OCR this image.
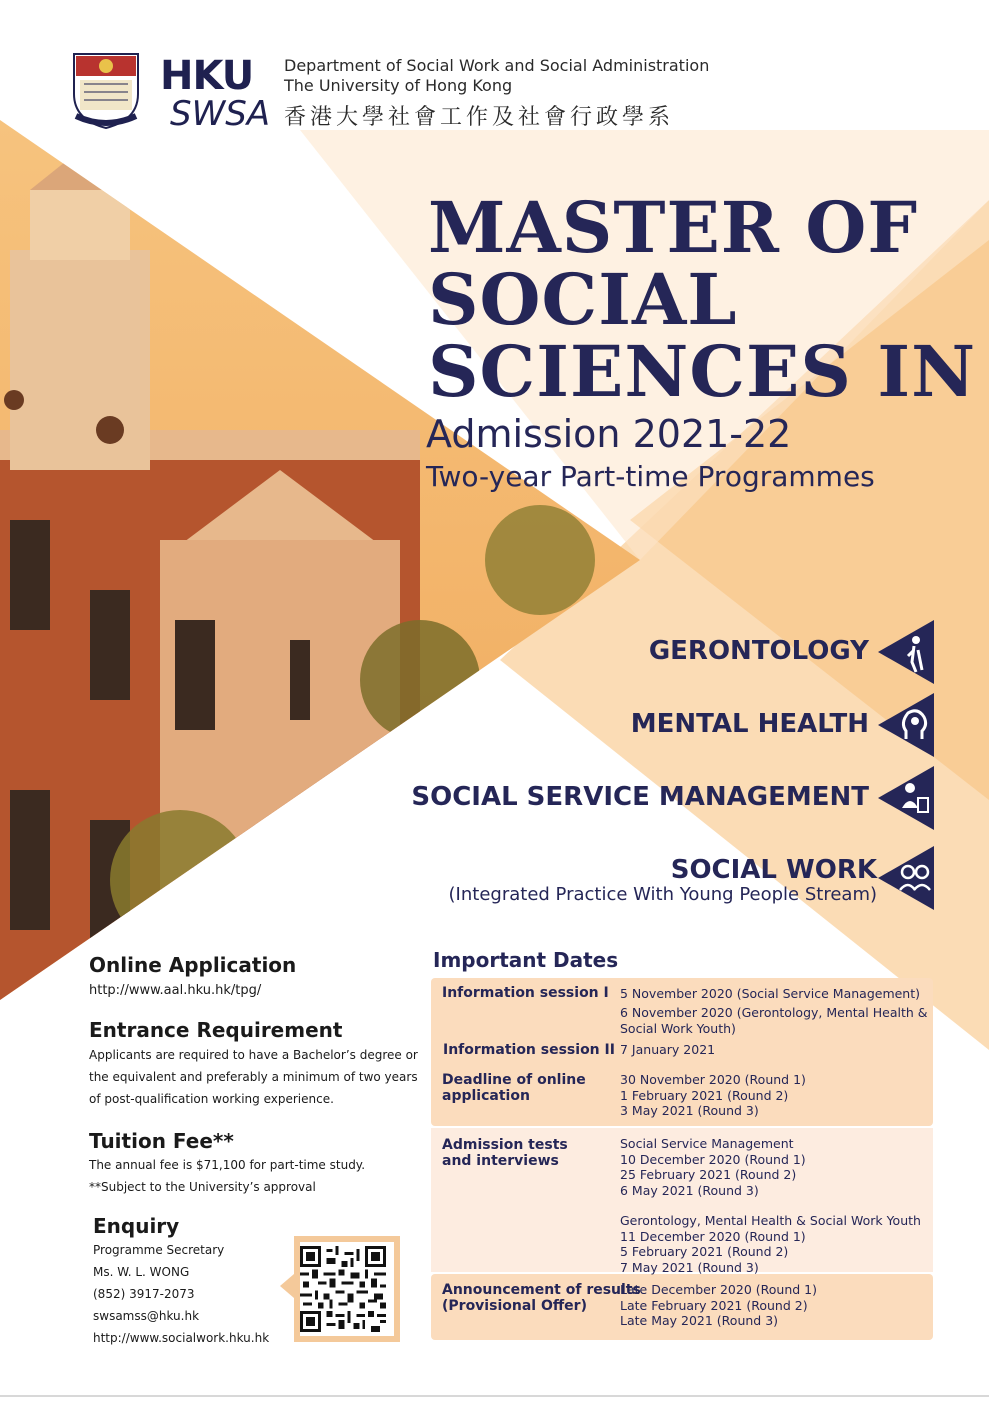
HKU
SWSA
Department of Social Work and Social Administration
The University of Hong Kong
香港大學社會工作及社會行政學系
MASTER OF
SOCIAL
SCIENCES IN
Admission 2021-22
Two-year Part-time Programmes
GERONTOLOGY
MENTAL HEALTH
SOCIAL SERVICE MANAGEMENT
SOCIAL WORK
(Integrated Practice With Young People Stream)
Online Application
http://www.aal.hku.hk/tpg/
Entrance Requirement
Applicants are required to have a Bachelor’s degree or
the equivalent and preferably a minimum of two years
of post-qualification working experience.
Tuition Fee**
The annual fee is $71,100 for part-time study.
**Subject to the University’s approval
Enquiry
Programme Secretary
Ms. W. L. WONG
(852) 3917-2073
swsamss@hku.hk
http://www.socialwork.hku.hk
Important Dates
Information session I 5 November 2020 (Social Service Management)
6 November 2020 (Gerontology, Mental Health &
Social Work Youth)
Information session II 7 January 2021
Deadline of online
application
30 November 2020 (Round 1)
1 February 2021 (Round 2)
3 May 2021 (Round 3)
Admission tests
and interviews
Social Service Management
10 December 2020 (Round 1)
25 February 2021 (Round 2)
6 May 2021 (Round 3)
Gerontology, Mental Health & Social Work Youth
11 December 2020 (Round 1)
5 February 2021 (Round 2)
7 May 2021 (Round 3)
Announcement of results
(Provisional Offer)
Late December 2020 (Round 1)
Late February 2021 (Round 2)
Late May 2021 (Round 3)
